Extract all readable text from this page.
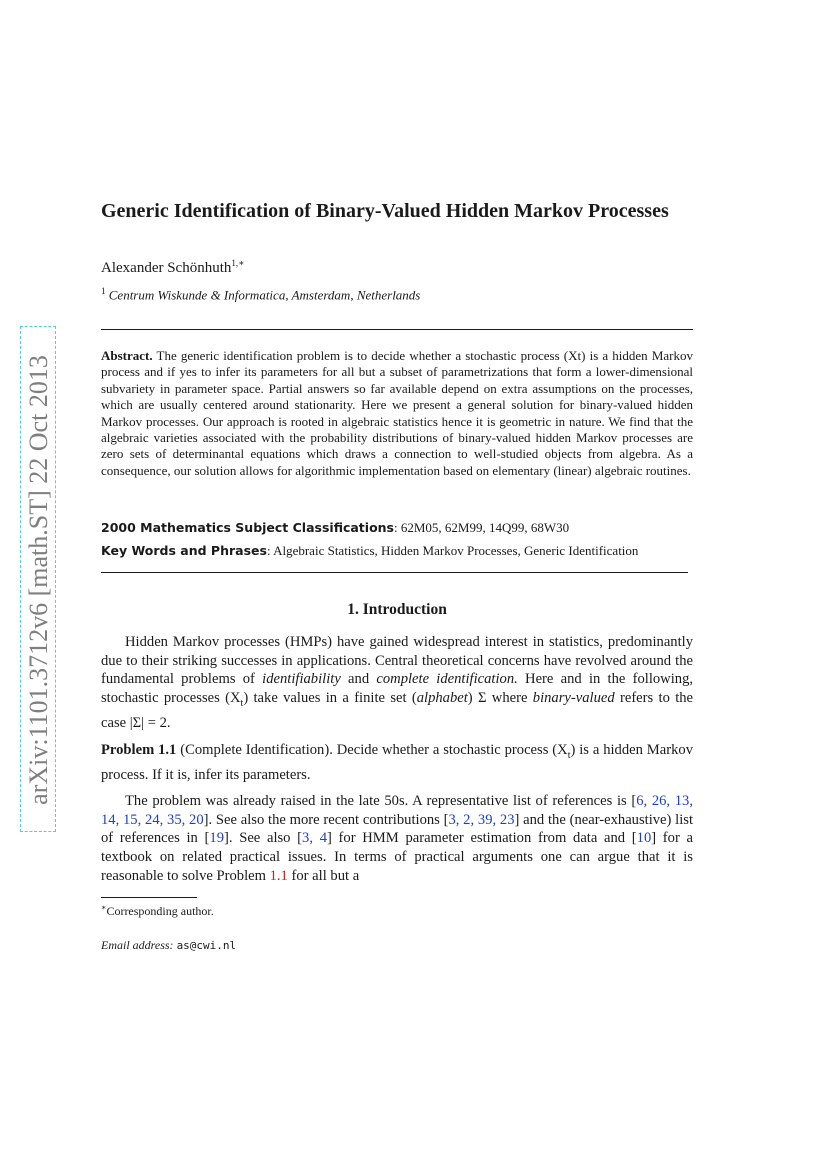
arXiv:1101.3712v6 [math.ST] 22 Oct 2013
Generic Identification of Binary-Valued Hidden Markov Processes
Alexander Schönhuth$^{1,∗}$
$^1$ Centrum Wiskunde & Informatica, Amsterdam, Netherlands

Abstract. The generic identification problem is to decide whether a stochastic process (Xt) is a hidden Markov process and if yes to infer its parameters for all but a subset of parametrizations that form a lower-dimensional subvariety in parameter space. Partial answers so far available depend on extra assumptions on the processes, which are usually centered around stationarity. Here we present a general solution for binary-valued hidden Markov processes. Our approach is rooted in algebraic statistics hence it is geometric in nature. We find that the algebraic varieties associated with the probability distributions of binary-valued hidden Markov processes are zero sets of determinantal equations which draws a connection to well-studied objects from algebra. As a consequence, our solution allows for algorithmic implementation based on elementary (linear) algebraic routines.

2000 Mathematics Subject Classifications: 62M05, 62M99, 14Q99, 68W30
Key Words and Phrases: Algebraic Statistics, Hidden Markov Processes, Generic Identification
1. Introduction

Hidden Markov processes (HMPs) have gained widespread interest in statistics, predominantly due to their striking successes in applications. Central theoretical concerns have revolved around the fundamental problems of identifiability and complete identification. Here and in the following, stochastic processes $(X_t)$ take values in a finite set (alphabet) Σ where binary-valued refers to the case |Σ| = 2.

Problem 1.1 (Complete Identification). Decide whether a stochastic process $(X_t)$ is a hidden Markov process. If it is, infer its parameters.

The problem was already raised in the late 50s. A representative list of references is [6, 26, 13, 14, 15, 24, 35, 20]. See also the more recent contributions [3, 2, 39, 23] and the (near-exhaustive) list of references in [19]. See also [3, 4] for HMM parameter estimation from data and [10] for a textbook on related practical issues. In terms of practical arguments one can argue that it is reasonable to solve Problem 1.1 for all but a

∗Corresponding author.
Email address: as@cwi.nl
